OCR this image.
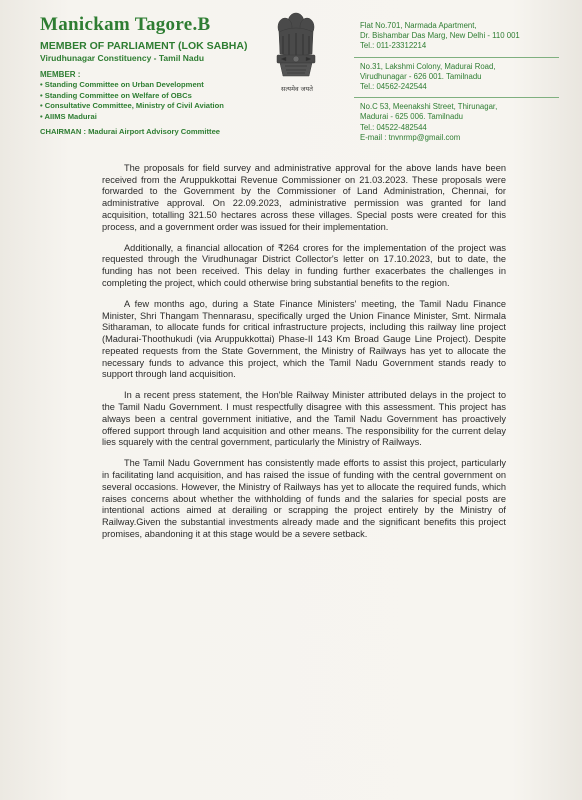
Manickam Tagore.B
MEMBER OF PARLIAMENT (LOK SABHA)
Virudhunagar Constituency - Tamil Nadu
MEMBER :
• Standing Committee on Urban Development
• Standing Committee on Welfare of OBCs
• Consultative Committee, Ministry of Civil Aviation
• AIIMS Madurai
CHAIRMAN : Madurai Airport Advisory Committee
सत्यमेव जयते
Flat No.701, Narmada Apartment,
Dr. Bishambar Das Marg, New Delhi - 110 001
Tel.: 011-23312214
No.31, Lakshmi Colony, Madurai Road,
Virudhunagar - 626 001. Tamilnadu
Tel.: 04562-242544
No.C 53, Meenakshi Street, Thirunagar,
Madurai - 625 006. Tamilnadu
Tel.: 04522-482544
E-mail : tnvnrmp@gmail.com

The proposals for field survey and administrative approval for the above lands have been received from the Aruppukkottai Revenue Commissioner on 21.03.2023. These proposals were forwarded to the Government by the Commissioner of Land Administration, Chennai, for administrative approval. On 22.09.2023, administrative permission was granted for land acquisition, totalling 321.50 hectares across these villages. Special posts were created for this process, and a government order was issued for their implementation.

Additionally, a financial allocation of ₹264 crores for the implementation of the project was requested through the Virudhunagar District Collector's letter on 17.10.2023, but to date, the funding has not been received. This delay in funding further exacerbates the challenges in completing the project, which could otherwise bring substantial benefits to the region.

A few months ago, during a State Finance Ministers' meeting, the Tamil Nadu Finance Minister, Shri Thangam Thennarasu, specifically urged the Union Finance Minister, Smt. Nirmala Sitharaman, to allocate funds for critical infrastructure projects, including this railway line project (Madurai-Thoothukudi (via Aruppukkottai) Phase-II 143 Km Broad Gauge Line Project). Despite repeated requests from the State Government, the Ministry of Railways has yet to allocate the necessary funds to advance this project, which the Tamil Nadu Government stands ready to support through land acquisition.

In a recent press statement, the Hon'ble Railway Minister attributed delays in the project to the Tamil Nadu Government. I must respectfully disagree with this assessment. This project has always been a central government initiative, and the Tamil Nadu Government has proactively offered support through land acquisition and other means. The responsibility for the current delay lies squarely with the central government, particularly the Ministry of Railways.

The Tamil Nadu Government has consistently made efforts to assist this project, particularly in facilitating land acquisition, and has raised the issue of funding with the central government on several occasions. However, the Ministry of Railways has yet to allocate the required funds, which raises concerns about whether the withholding of funds and the salaries for special posts are intentional actions aimed at derailing or scrapping the project entirely by the Ministry of Railway.Given the substantial investments already made and the significant benefits this project promises, abandoning it at this stage would be a severe setback.
